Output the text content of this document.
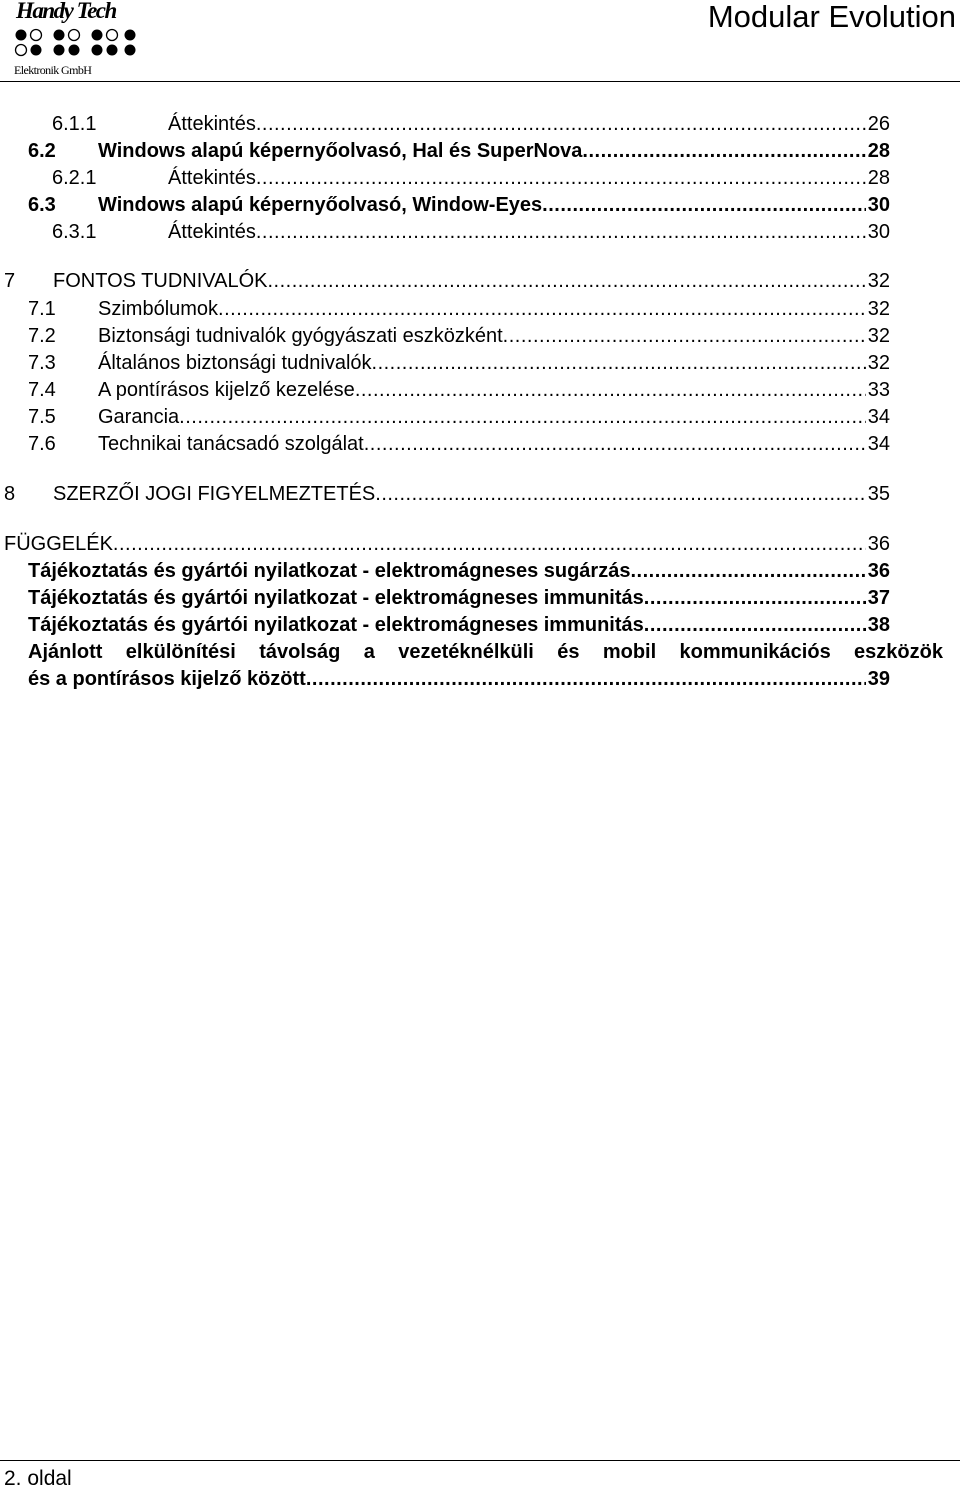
Handy Tech
Elektronik GmbH
Modular Evolution
6.1.1	Áttekintés .....	26
6.2	Windows alapú képernyőolvasó, Hal és SuperNova .....	28
6.2.1	Áttekintés .....	28
6.3	Windows alapú képernyőolvasó, Window-Eyes .....	30
6.3.1	Áttekintés .....	30
7	FONTOS TUDNIVALÓK .....	32
7.1	Szimbólumok .....	32
7.2	Biztonsági tudnivalók gyógyászati eszközként .....	32
7.3	Általános biztonsági tudnivalók .....	32
7.4	A pontírásos kijelző kezelése .....	33
7.5	Garancia .....	34
7.6	Technikai tanácsadó szolgálat .....	34
8	SZERZŐI JOGI FIGYELMEZTETÉS .....	35
FÜGGELÉK .....	36
Tájékoztatás és gyártói nyilatkozat - elektromágneses sugárzás .....	36
Tájékoztatás és gyártói nyilatkozat - elektromágneses immunitás .....	37
Tájékoztatás és gyártói nyilatkozat - elektromágneses immunitás .....	38
Ajánlott elkülönítési távolság a vezetéknélküli és mobil kommunikációs eszközök
és a pontírásos kijelző között .....	39
2. oldal
